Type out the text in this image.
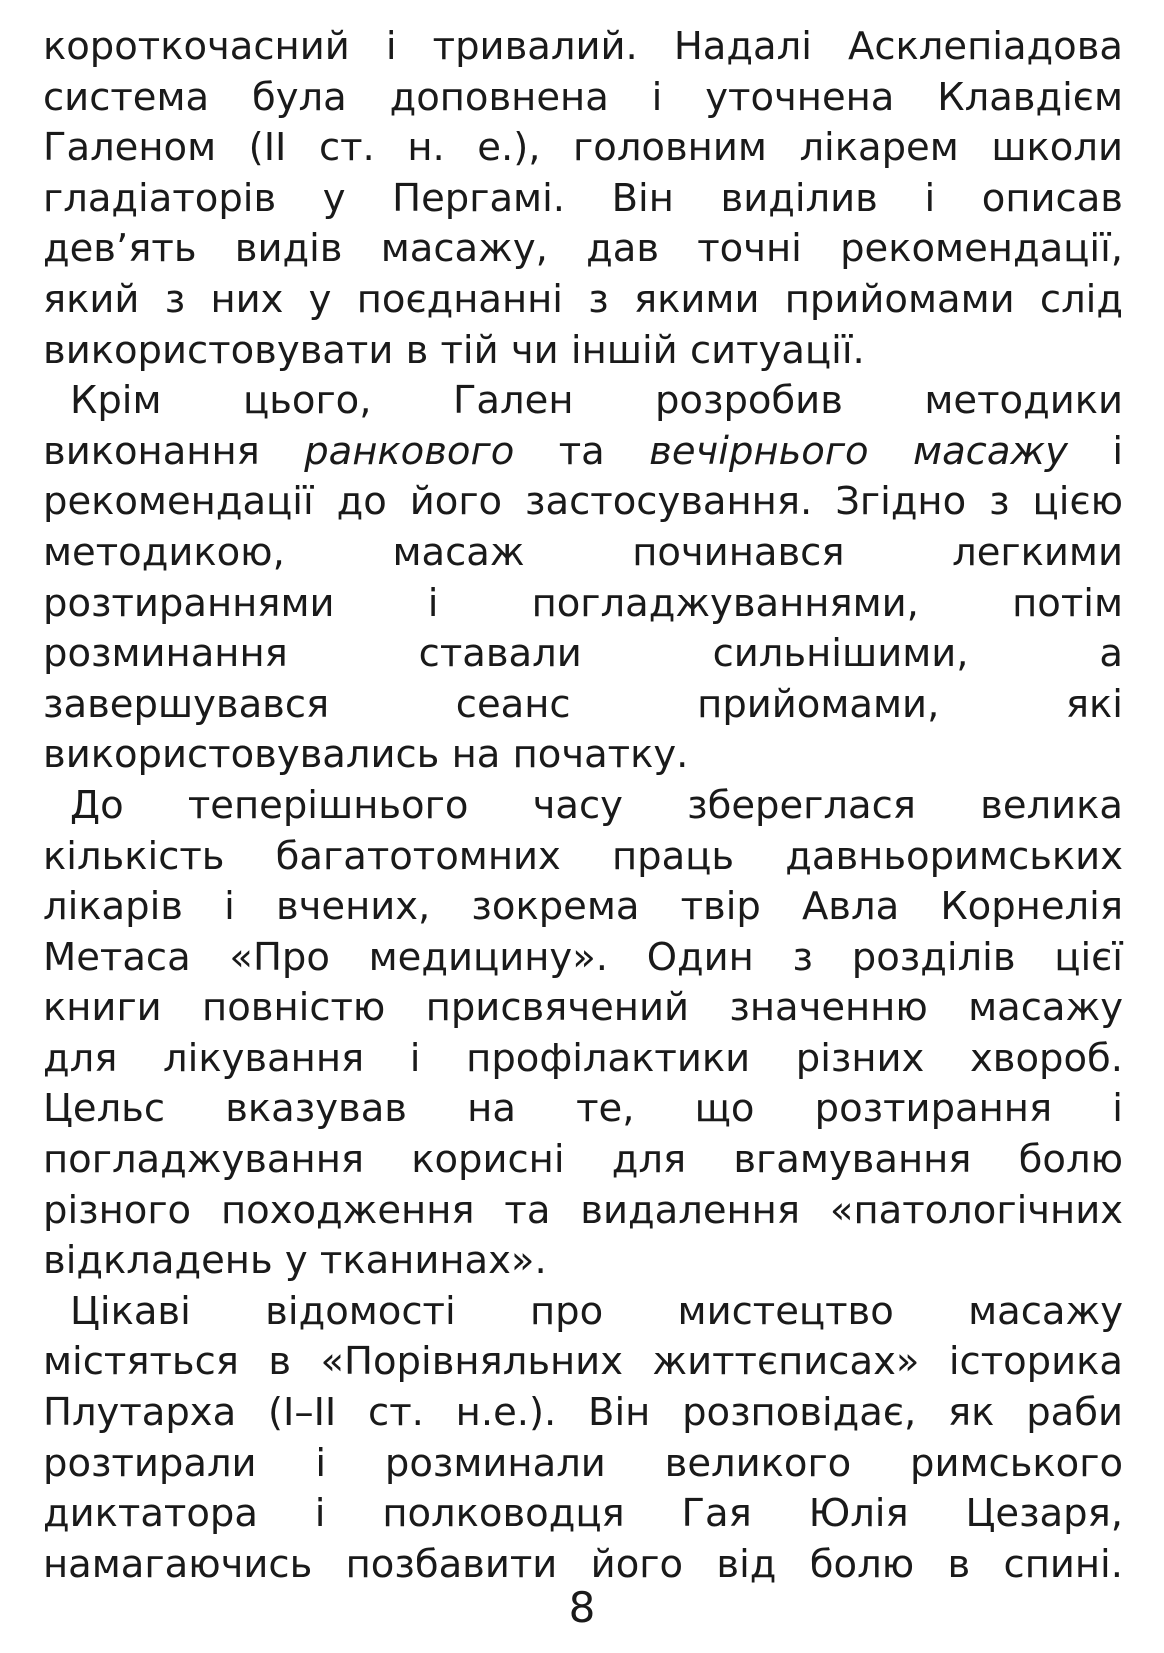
короткочасний і тривалий. Надалі Асклепіадова
система була доповнена і уточнена Клавдієм
Галеном (II ст. н. е.), головним лікарем школи
гладіаторів у Пергамі. Він виділив і описав
дев’ять видів масажу, дав точні рекомендації,
який з них у поєднанні з якими прийомами слід
використовувати в тій чи іншій ситуації.
Крім цього, Гален розробив методики
виконання ранкового та вечірнього масажу і
рекомендації до його застосування. Згідно з цією
методикою, масаж починався легкими
розтираннями і погладжуваннями, потім
розминання ставали сильнішими, а
завершувався сеанс прийомами, які
використовувались на початку.
До теперішнього часу збереглася велика
кількість багатотомних праць давньоримських
лікарів і вчених, зокрема твір Авла Корнелія
Метаса «Про медицину». Один з розділів цієї
книги повністю присвячений значенню масажу
для лікування і профілактики різних хвороб.
Цельс вказував на те, що розтирання і
погладжування корисні для вгамування болю
різного походження та видалення «патологічних
відкладень у тканинах».
Цікаві відомості про мистецтво масажу
містяться в «Порівняльних життєписах» історика
Плутарха (I–II ст. н.е.). Він розповідає, як раби
розтирали і розминали великого римського
диктатора і полководця Гая Юлія Цезаря,
намагаючись позбавити його від болю в спині.
8
